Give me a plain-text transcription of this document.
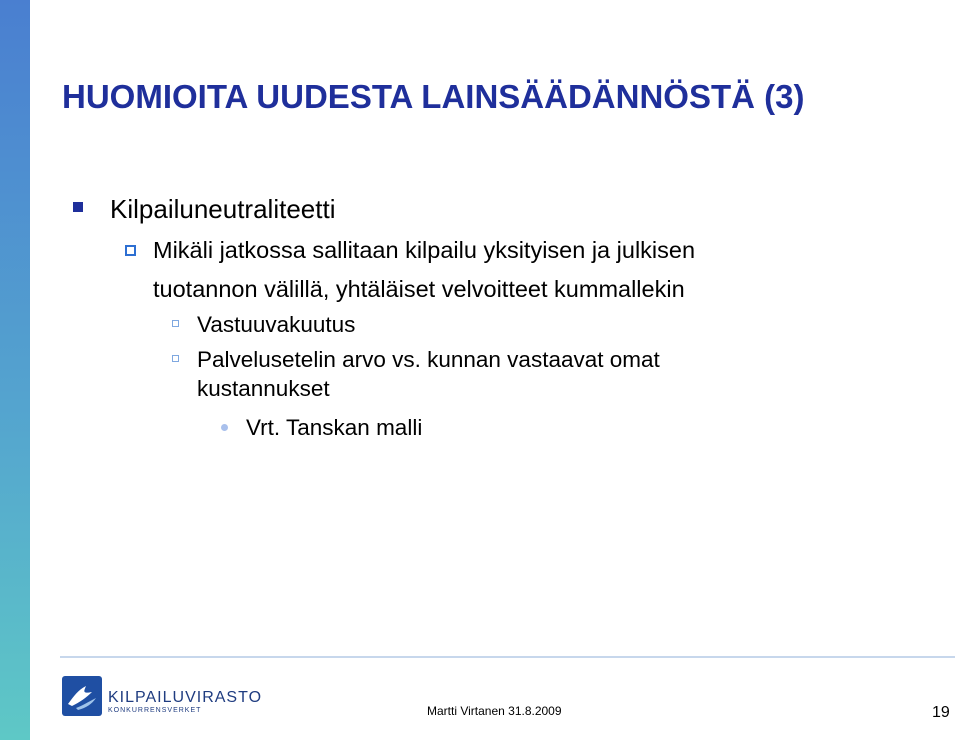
HUOMIOITA UUDESTA LAINSÄÄDÄNNÖSTÄ (3)
Kilpailuneutraliteetti
Mikäli jatkossa sallitaan kilpailu yksityisen ja julkisen
tuotannon välillä, yhtäläiset velvoitteet kummallekin
Vastuuvakuutus
Palvelusetelin arvo vs. kunnan vastaavat omat
kustannukset
Vrt. Tanskan malli
KILPAILUVIRASTO
KONKURRENSVERKET	Martti Virtanen 31.8.2009	19
